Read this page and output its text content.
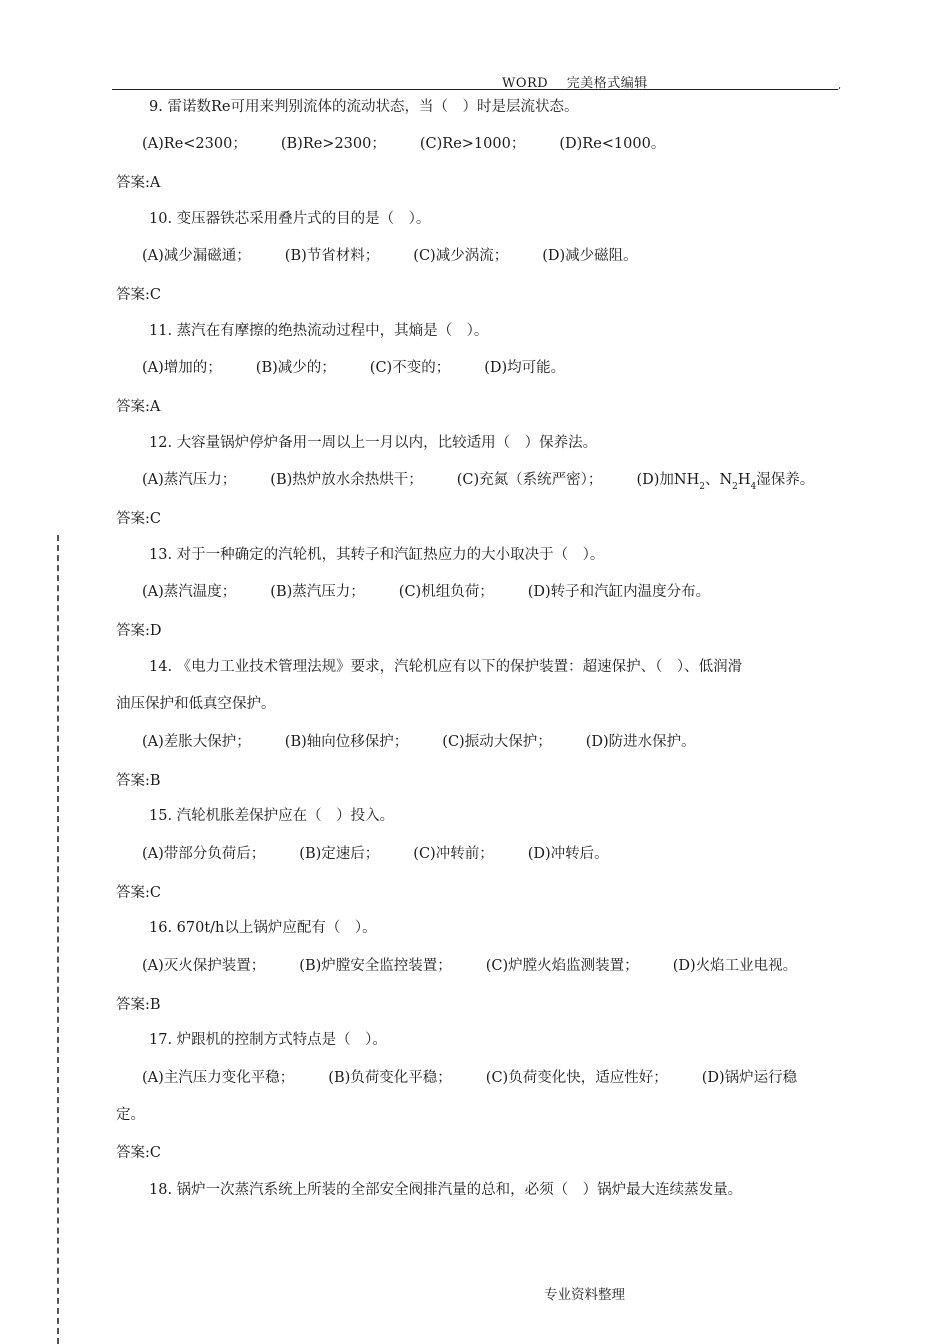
WORD    完美格式编辑	,
9. 雷诺数Re可用来判别流体的流动状态，当（　）时是层流状态。
(A)Re<2300； (B)Re>2300； (C)Re>1000； (D)Re<1000。
答案:A
10. 变压器铁芯采用叠片式的目的是（　）。
(A)减少漏磁通； (B)节省材料； (C)减少涡流； (D)减少磁阻。
答案:C
11. 蒸汽在有摩擦的绝热流动过程中，其熵是（　）。
(A)增加的； (B)减少的； (C)不变的； (D)均可能。
答案:A
12. 大容量锅炉停炉备用一周以上一月以内，比较适用（　）保养法。
(A)蒸汽压力； (B)热炉放水余热烘干； (C)充氮（系统严密）； (D)加$NH_2$、$N_2H_4$湿保养。
答案:C
13. 对于一种确定的汽轮机，其转子和汽缸热应力的大小取决于（　）。
(A)蒸汽温度； (B)蒸汽压力； (C)机组负荷； (D)转子和汽缸内温度分布。
答案:D
14. 《电力工业技术管理法规》要求，汽轮机应有以下的保护装置：超速保护、（　）、低润滑
油压保护和低真空保护。
(A)差胀大保护； (B)轴向位移保护； (C)振动大保护； (D)防进水保护。
答案:B
15. 汽轮机胀差保护应在（　）投入。
(A)带部分负荷后； (B)定速后； (C)冲转前； (D)冲转后。
答案:C
16. 670t/h以上锅炉应配有（　）。
(A)灭火保护装置； (B)炉膛安全监控装置； (C)炉膛火焰监测装置； (D)火焰工业电视。
答案:B
17. 炉跟机的控制方式特点是（　）。
(A)主汽压力变化平稳； (B)负荷变化平稳； (C)负荷变化快，适应性好； (D)锅炉运行稳
定。
答案:C
18. 锅炉一次蒸汽系统上所装的全部安全阀排汽量的总和，必须（　）锅炉最大连续蒸发量。
专业资料整理
